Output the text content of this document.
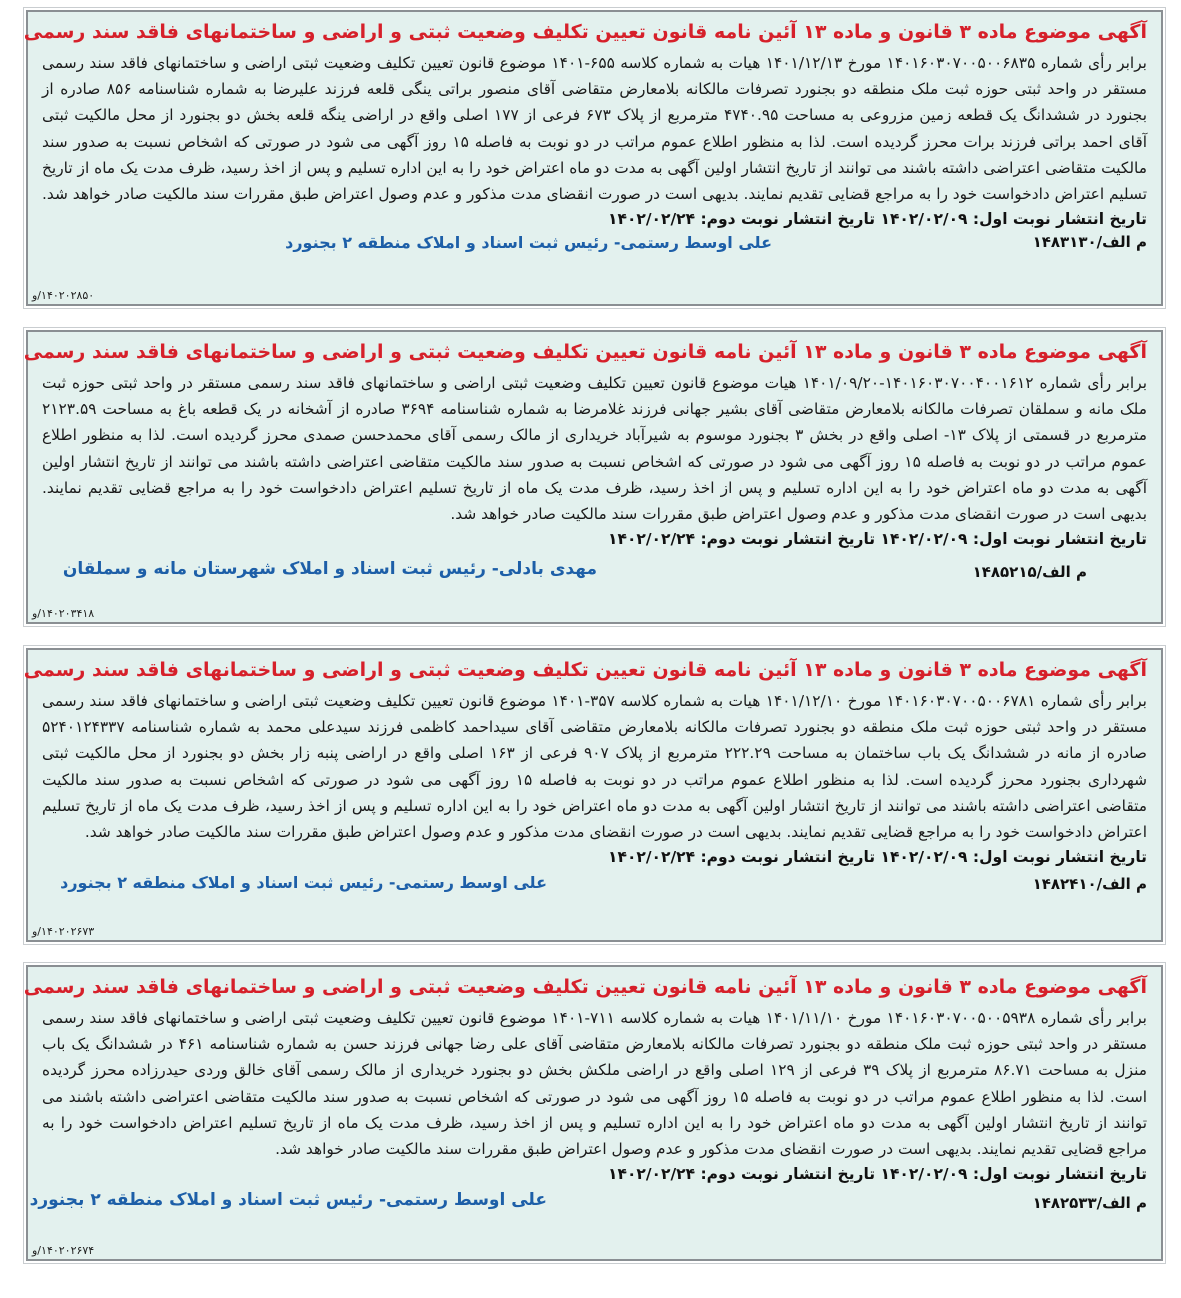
آگهی موضوع ماده ۳ قانون و ماده ۱۳ آئین نامه قانون تعیین تکلیف وضعیت ثبتی و اراضی و ساختمانهای فاقد سند رسمی

برابر رأی شماره ۱۴۰۱۶۰۳۰۷۰۰۵۰۰۶۸۳۵ مورخ ۱۴۰۱/۱۲/۱۳ هیات به شماره کلاسه ۶۵۵-۱۴۰۱ موضوع قانون تعیین تکلیف وضعیت ثبتی اراضی و ساختمانهای فاقد سند رسمی مستقر در واحد ثبتی حوزه ثبت ملک منطقه دو بجنورد تصرفات مالکانه بلامعارض متقاضی آقای منصور براتی ینگی قلعه فرزند علیرضا به شماره شناسنامه ۸۵۶ صادره از بجنورد در ششدانگ یک قطعه زمین مزروعی به مساحت ۴۷۴۰.۹۵ مترمربع از پلاک ۶۷۳ فرعی از ۱۷۷ اصلی واقع در اراضی ینگه قلعه بخش دو بجنورد از محل مالکیت ثبتی آقای احمد براتی فرزند برات محرز گردیده است. لذا به منظور اطلاع عموم مراتب در دو نوبت به فاصله ۱۵ روز آگهی می شود در صورتی که اشخاص نسبت به صدور سند مالکیت متقاضی اعتراضی داشته باشند می توانند از تاریخ انتشار اولین آگهی به مدت دو ماه اعتراض خود را به این اداره تسلیم و پس از اخذ رسید، ظرف مدت یک ماه از تاریخ تسلیم اعتراض دادخواست خود را به مراجع قضایی تقدیم نمایند. بدیهی است در صورت انقضای مدت مذکور و عدم وصول اعتراض طبق مقررات سند مالکیت صادر خواهد شد.

تاریخ انتشار نوبت اول: ۱۴۰۲/۰۲/۰۹ تاریخ انتشار نوبت دوم: ۱۴۰۲/۰۲/۲۴
م الف/۱۴۸۳۱۳۰
علی اوسط رستمی- رئیس ثبت اسناد و املاک منطقه ۲ بجنورد
۱۴۰۲۰۲۸۵۰/و
آگهی موضوع ماده ۳ قانون و ماده ۱۳ آئین نامه قانون تعیین تکلیف وضعیت ثبتی و اراضی و ساختمانهای فاقد سند رسمی

برابر رأی شماره ۱۴۰۱۶۰۳۰۷۰۰۴۰۰۱۶۱۲-۱۴۰۱/۰۹/۲۰ هیات موضوع قانون تعیین تکلیف وضعیت ثبتی اراضی و ساختمانهای فاقد سند رسمی مستقر در واحد ثبتی حوزه ثبت ملک مانه و سملقان تصرفات مالکانه بلامعارض متقاضی آقای بشیر جهانی فرزند غلامرضا به شماره شناسنامه ۳۶۹۴ صادره از آشخانه در یک قطعه باغ به مساحت ۲۱۲۳.۵۹ مترمربع در قسمتی از پلاک ۱۳- اصلی واقع در بخش ۳ بجنورد موسوم به شیرآباد خریداری از مالک رسمی آقای محمدحسن صمدی محرز گردیده است. لذا به منظور اطلاع عموم مراتب در دو نوبت به فاصله ۱۵ روز آگهی می شود در صورتی که اشخاص نسبت به صدور سند مالکیت متقاضی اعتراضی داشته باشند می توانند از تاریخ انتشار اولین آگهی به مدت دو ماه اعتراض خود را به این اداره تسلیم و پس از اخذ رسید، ظرف مدت یک ماه از تاریخ تسلیم اعتراض دادخواست خود را به مراجع قضایی تقدیم نمایند. بدیهی است در صورت انقضای مدت مذکور و عدم وصول اعتراض طبق مقررات سند مالکیت صادر خواهد شد.

تاریخ انتشار نوبت اول: ۱۴۰۲/۰۲/۰۹ تاریخ انتشار نوبت دوم: ۱۴۰۲/۰۲/۲۴
م الف/۱۴۸۵۲۱۵
مهدی بادلی- رئیس ثبت اسناد و املاک شهرستان مانه و سملقان
۱۴۰۲۰۳۴۱۸/و
آگهی موضوع ماده ۳ قانون و ماده ۱۳ آئین نامه قانون تعیین تکلیف وضعیت ثبتی و اراضی و ساختمانهای فاقد سند رسمی

برابر رأی شماره ۱۴۰۱۶۰۳۰۷۰۰۵۰۰۶۷۸۱ مورخ ۱۴۰۱/۱۲/۱۰ هیات به شماره کلاسه ۳۵۷-۱۴۰۱ موضوع قانون تعیین تکلیف وضعیت ثبتی اراضی و ساختمانهای فاقد سند رسمی مستقر در واحد ثبتی حوزه ثبت ملک منطقه دو بجنورد تصرفات مالکانه بلامعارض متقاضی آقای سیداحمد کاظمی فرزند سیدعلی محمد به شماره شناسنامه ۵۲۴۰۱۲۴۳۳۷ صادره از مانه در ششدانگ یک باب ساختمان به مساحت ۲۲۲.۲۹ مترمربع از پلاک ۹۰۷ فرعی از ۱۶۳ اصلی واقع در اراضی پنبه زار بخش دو بجنورد از محل مالکیت ثبتی شهرداری بجنورد محرز گردیده است. لذا به منظور اطلاع عموم مراتب در دو نوبت به فاصله ۱۵ روز آگهی می شود در صورتی که اشخاص نسبت به صدور سند مالکیت متقاضی اعتراضی داشته باشند می توانند از تاریخ انتشار اولین آگهی به مدت دو ماه اعتراض خود را به این اداره تسلیم و پس از اخذ رسید، ظرف مدت یک ماه از تاریخ تسلیم اعتراض دادخواست خود را به مراجع قضایی تقدیم نمایند. بدیهی است در صورت انقضای مدت مذکور و عدم وصول اعتراض طبق مقررات سند مالکیت صادر خواهد شد.

تاریخ انتشار نوبت اول: ۱۴۰۲/۰۲/۰۹ تاریخ انتشار نوبت دوم: ۱۴۰۲/۰۲/۲۴
م الف/۱۴۸۲۴۱۰
علی اوسط رستمی- رئیس ثبت اسناد و املاک منطقه ۲ بجنورد
۱۴۰۲۰۲۶۷۳/و
آگهی موضوع ماده ۳ قانون و ماده ۱۳ آئین نامه قانون تعیین تکلیف وضعیت ثبتی و اراضی و ساختمانهای فاقد سند رسمی

برابر رأی شماره ۱۴۰۱۶۰۳۰۷۰۰۵۰۰۵۹۳۸ مورخ ۱۴۰۱/۱۱/۱۰ هیات به شماره کلاسه ۷۱۱-۱۴۰۱ موضوع قانون تعیین تکلیف وضعیت ثبتی اراضی و ساختمانهای فاقد سند رسمی مستقر در واحد ثبتی حوزه ثبت ملک منطقه دو بجنورد تصرفات مالکانه بلامعارض متقاضی آقای علی رضا جهانی فرزند حسن به شماره شناسنامه ۴۶۱ در ششدانگ یک باب منزل به مساحت ۸۶.۷۱ مترمربع از پلاک ۳۹ فرعی از ۱۲۹ اصلی واقع در اراضی ملکش بخش دو بجنورد خریداری از مالک رسمی آقای خالق وردی حیدرزاده محرز گردیده است. لذا به منظور اطلاع عموم مراتب در دو نوبت به فاصله ۱۵ روز آگهی می شود در صورتی که اشخاص نسبت به صدور سند مالکیت متقاضی اعتراضی داشته باشند می توانند از تاریخ انتشار اولین آگهی به مدت دو ماه اعتراض خود را به این اداره تسلیم و پس از اخذ رسید، ظرف مدت یک ماه از تاریخ تسلیم اعتراض دادخواست خود را به مراجع قضایی تقدیم نمایند. بدیهی است در صورت انقضای مدت مذکور و عدم وصول اعتراض طبق مقررات سند مالکیت صادر خواهد شد.

تاریخ انتشار نوبت اول: ۱۴۰۲/۰۲/۰۹ تاریخ انتشار نوبت دوم: ۱۴۰۲/۰۲/۲۴
م الف/۱۴۸۲۵۳۳
علی اوسط رستمی- رئیس ثبت اسناد و املاک منطقه ۲ بجنورد
۱۴۰۲۰۲۶۷۴/و
